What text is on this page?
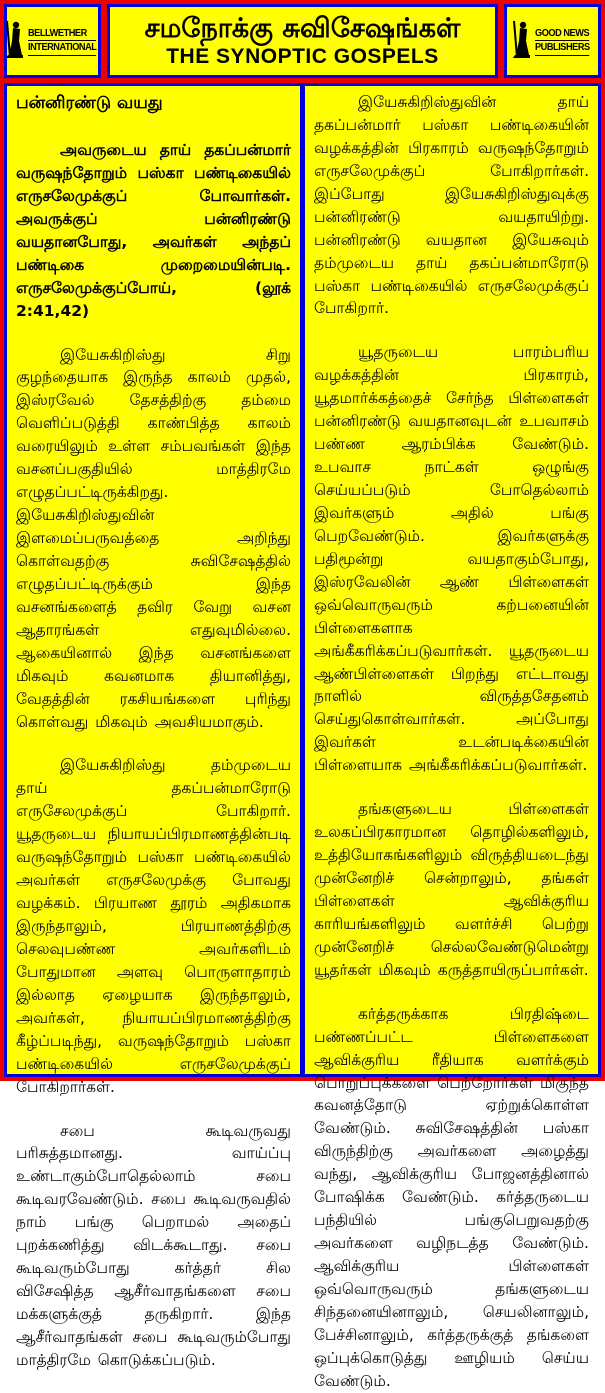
BELLWETHER
INTERNATIONAL
சமநோக்கு சுவிசேஷங்கள்
THE SYNOPTIC GOSPELS
GOOD NEWS
PUBLISHERS
பன்னிரண்டு வயது

அவருடைய தாய் தகப்பன்மார் வருஷந்தோறும் பஸ்கா பண்டிகையில் எருசலேமுக்குப் போவார்கள். அவருக்குப் பன்னிரண்டு வயதானபோது, அவர்கள் அந்தப் பண்டிகை முறைமையின்படி. எருசலேமுக்குப்போய், (லூக் 2:41,42)

இயேசுகிறிஸ்து சிறு குழந்தையாக இருந்த காலம் முதல், இஸ்ரவேல் தேசத்திற்கு தம்மை வெளிப்படுத்தி காண்பித்த காலம் வரையிலும் உள்ள சம்பவங்கள் இந்த வசனப்பகுதியில் மாத்திரமே எழுதப்பட்டிருக்கிறது. இயேசுகிறிஸ்துவின் இளமைப்பருவத்தை அறிந்து கொள்வதற்கு சுவிசேஷத்தில் எழுதப்பட்டிருக்கும் இந்த வசனங்களைத் தவிர வேறு வசன ஆதாரங்கள் எதுவுமில்லை. ஆகையினால் இந்த வசனங்களை மிகவும் கவனமாக தியானித்து, வேதத்தின் ரகசியங்களை புரிந்து கொள்வது மிகவும் அவசியமாகும்.

இயேசுகிறிஸ்து தம்முடைய தாய் தகப்பன்மாரோடு எருசேலமுக்குப் போகிறார். யூதருடைய நியாயப்பிரமாணத்தின்படி வருஷந்தோறும் பஸ்கா பண்டிகையில் அவர்கள் எருசலேமுக்கு போவது வழக்கம். பிரயாண தூரம் அதிகமாக இருந்தாலும், பிரயாணத்திற்கு செலவுபண்ண அவர்களிடம் போதுமான அளவு பொருளாதாரம் இல்லாத ஏழையாக இருந்தாலும், அவர்கள், நியாயப்பிரமாணத்திற்கு கீழ்ப்படிந்து, வருஷந்தோறும் பஸ்கா பண்டிகையில் எருசலேமுக்குப் போகிறார்கள்.

சபை கூடிவருவது பரிசுத்தமானது. வாய்ப்பு உண்டாகும்போதெல்லாம் சபை கூடிவரவேண்டும். சபை கூடிவருவதில் நாம் பங்கு பெறாமல் அதைப் புறக்கணித்து விடக்கூடாது. சபை கூடிவரும்போது கர்த்தர் சில விசேஷித்த ஆசீர்வாதங்களை சபை மக்களுக்குத் தருகிறார். இந்த ஆசீர்வாதங்கள் சபை கூடிவரும்போது மாத்திரமே கொடுக்கப்படும்.

இயேசுகிறிஸ்துவின் தாய் தகப்பன்மார் பஸ்கா பண்டிகையின் வழக்கத்தின் பிரகாரம் வருஷந்தோறும் எருசலேமுக்குப் போகிறார்கள். இப்போது இயேசுகிறிஸ்துவுக்கு பன்னிரண்டு வயதாயிற்று. பன்னிரண்டு வயதான இயேசுவும் தம்முடைய தாய் தகப்பன்மாரோடு பஸ்கா பண்டிகையில் எருசலேமுக்குப் போகிறார்.

யூதருடைய பாரம்பரிய வழக்கத்தின் பிரகாரம், யூதமார்க்கத்தைச் சேர்ந்த பிள்ளைகள் பன்னிரண்டு வயதானவுடன் உபவாசம் பண்ண ஆரம்பிக்க வேண்டும். உபவாச நாட்கள் ஒழுங்கு செய்யப்படும் போதெல்லாம் இவர்களும் அதில் பங்கு பெறவேண்டும். இவர்களுக்கு பதிமூன்று வயதாகும்போது, இஸ்ரவேலின் ஆண் பிள்ளைகள் ஒவ்வொருவரும் கற்பனையின் பிள்ளைகளாக அங்கீகரிக்கப்படுவார்கள். யூதருடைய ஆண்பிள்ளைகள் பிறந்து எட்டாவது நாளில் விருத்தசேதனம் செய்துகொள்வார்கள். அப்போது இவர்கள் உடன்படிக்கையின் பிள்ளையாக அங்கீகரிக்கப்படுவார்கள்.

தங்களுடைய பிள்ளைகள் உலகப்பிரகாரமான தொழில்களிலும், உத்தியோகங்களிலும் விருத்தியடைந்து முன்னேறிச் சென்றாலும், தங்கள் பிள்ளைகள் ஆவிக்குரிய காரியங்களிலும் வளர்ச்சி பெற்று முன்னேறிச் செல்லவேண்டுமென்று யூதர்கள் மிகவும் கருத்தாயிருப்பார்கள்.

கர்த்தருக்காக பிரதிஷ்டை பண்ணப்பட்ட பிள்ளைகளை ஆவிக்குரிய ரீதியாக வளர்க்கும் பொறுப்புக்களை பெற்றோர்கள் மிகுந்த கவனத்தோடு ஏற்றுக்கொள்ள வேண்டும். சுவிசேஷத்தின் பஸ்கா விருந்திற்கு அவர்களை அழைத்து வந்து, ஆவிக்குரிய போஜனத்தினால் போஷிக்க வேண்டும். கர்த்தருடைய பந்தியில் பங்குபெறுவதற்கு அவர்களை வழிநடத்த வேண்டும். ஆவிக்குரிய பிள்ளைகள் ஒவ்வொருவரும் தங்களுடைய சிந்தனையினாலும், செயலினாலும், பேச்சினாலும், கர்த்தருக்குத் தங்களை ஒப்புக்கொடுத்து ஊழியம் செய்ய வேண்டும்.
